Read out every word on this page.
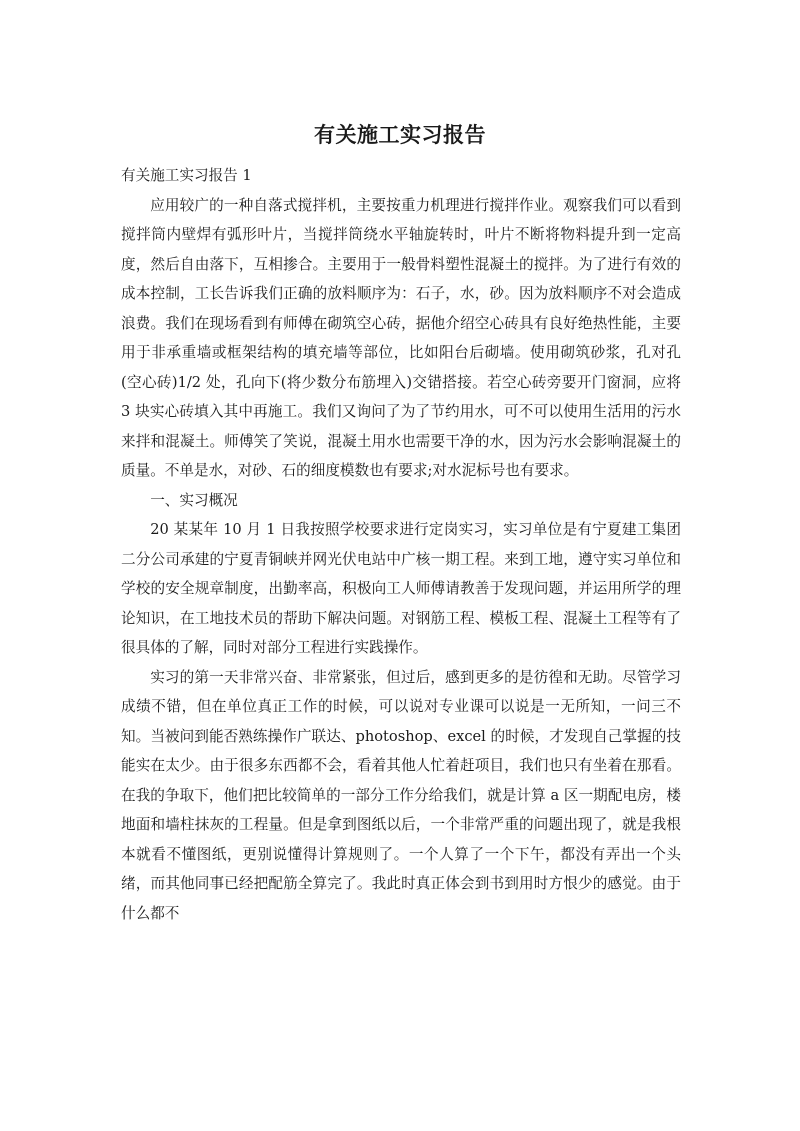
有关施工实习报告

有关施工实习报告 1

应用较广的一种自落式搅拌机，主要按重力机理进行搅拌作业。观察我们可以看到搅拌筒内壁焊有弧形叶片，当搅拌筒绕水平轴旋转时，叶片不断将物料提升到一定高度，然后自由落下，互相掺合。主要用于一般骨料塑性混凝土的搅拌。为了进行有效的成本控制，工长告诉我们正确的放料顺序为：石子，水，砂。因为放料顺序不对会造成浪费。我们在现场看到有师傅在砌筑空心砖，据他介绍空心砖具有良好绝热性能，主要用于非承重墙或框架结构的填充墙等部位，比如阳台后砌墙。使用砌筑砂浆，孔对孔(空心砖)1/2 处，孔向下(将少数分布筋埋入)交错搭接。若空心砖旁要开门窗洞，应将 3 块实心砖填入其中再施工。我们又询问了为了节约用水，可不可以使用生活用的污水来拌和混凝土。师傅笑了笑说，混凝土用水也需要干净的水，因为污水会影响混凝土的质量。不单是水，对砂、石的细度模数也有要求;对水泥标号也有要求。

一、实习概况

20 某某年 10 月 1 日我按照学校要求进行定岗实习，实习单位是有宁夏建工集团二分公司承建的宁夏青铜峡并网光伏电站中广核一期工程。来到工地，遵守实习单位和学校的安全规章制度，出勤率高，积极向工人师傅请教善于发现问题，并运用所学的理论知识，在工地技术员的帮助下解决问题。对钢筋工程、模板工程、混凝土工程等有了很具体的了解，同时对部分工程进行实践操作。

实习的第一天非常兴奋、非常紧张，但过后，感到更多的是彷徨和无助。尽管学习成绩不错，但在单位真正工作的时候，可以说对专业课可以说是一无所知，一问三不知。当被问到能否熟练操作广联达、photoshop、excel 的时候，才发现自己掌握的技能实在太少。由于很多东西都不会，看着其他人忙着赶项目，我们也只有坐着在那看。在我的争取下，他们把比较简单的一部分工作分给我们，就是计算 a 区一期配电房，楼地面和墙柱抹灰的工程量。但是拿到图纸以后，一个非常严重的问题出现了，就是我根本就看不懂图纸，更别说懂得计算规则了。一个人算了一个下午，都没有弄出一个头绪，而其他同事已经把配筋全算完了。我此时真正体会到书到用时方恨少的感觉。由于什么都不
